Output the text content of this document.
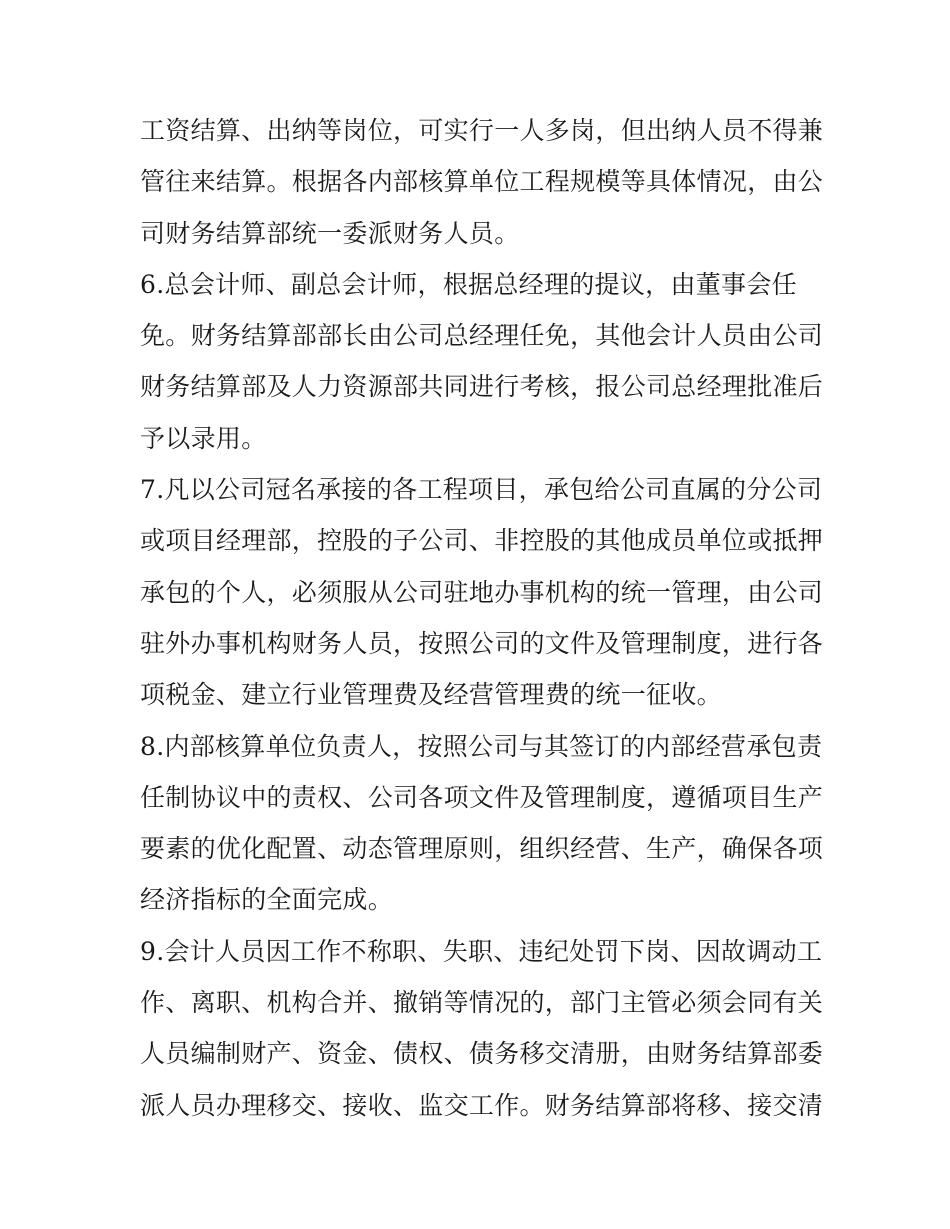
工资结算、出纳等岗位，可实行一人多岗，但出纳人员不得兼
管往来结算。根据各内部核算单位工程规模等具体情况，由公
司财务结算部统一委派财务人员。
6.总会计师、副总会计师，根据总经理的提议，由董事会任
免。财务结算部部长由公司总经理任免，其他会计人员由公司
财务结算部及人力资源部共同进行考核，报公司总经理批准后
予以录用。
7.凡以公司冠名承接的各工程项目，承包给公司直属的分公司
或项目经理部，控股的子公司、非控股的其他成员单位或抵押
承包的个人，必须服从公司驻地办事机构的统一管理，由公司
驻外办事机构财务人员，按照公司的文件及管理制度，进行各
项税金、建立行业管理费及经营管理费的统一征收。
8.内部核算单位负责人，按照公司与其签订的内部经营承包责
任制协议中的责权、公司各项文件及管理制度，遵循项目生产
要素的优化配置、动态管理原则，组织经营、生产，确保各项
经济指标的全面完成。
9.会计人员因工作不称职、失职、违纪处罚下岗、因故调动工
作、离职、机构合并、撤销等情况的，部门主管必须会同有关
人员编制财产、资金、债权、债务移交清册，由财务结算部委
派人员办理移交、接收、监交工作。财务结算部将移、接交清
